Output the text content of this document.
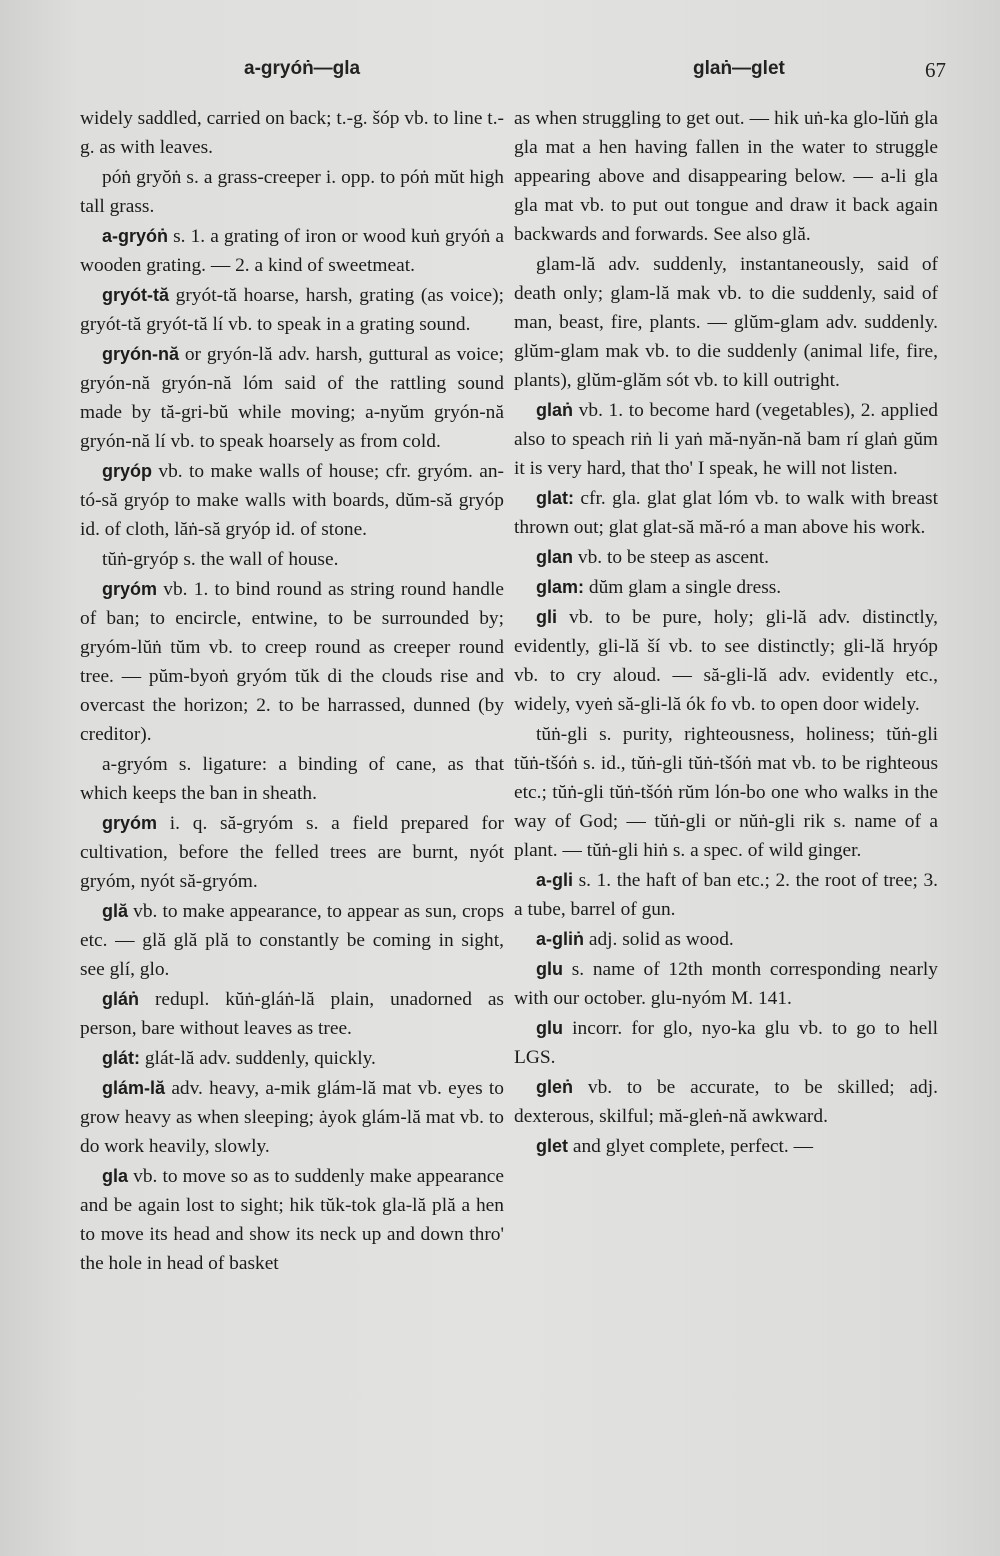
a-gryóṅ—gla	glaṅ—glet	67

widely saddled, carried on back; t.-g. šóp vb. to line t.-g. as with leaves.

póṅ gryŏṅ s. a grass-creeper i. opp. to póṅ mŭt high tall grass.

a-gryóṅ s. 1. a grating of iron or wood kuṅ gryóṅ a wooden grating. — 2. a kind of sweetmeat.

gryót-tă gryót-tă hoarse, harsh, grating (as voice); gryót-tă gryót-tă lí vb. to speak in a grating sound.

gryón-nă or gryón-lă adv. harsh, guttural as voice; gryón-nă gryón-nă lóm said of the rattling sound made by tă-gri-bŭ while moving; a-nyŭm gryón-nă gryón-nă lí vb. to speak hoarsely as from cold.

gryóp vb. to make walls of house; cfr. gryóm. an-tó-să gryóp to make walls with boards, dŭm-să gryóp id. of cloth, lăṅ-să gryóp id. of stone.

tŭṅ-gryóp s. the wall of house.

gryóm vb. 1. to bind round as string round handle of ban; to encircle, entwine, to be surrounded by; gryóm-lŭṅ tŭm vb. to creep round as creeper round tree. — pŭm-byoṅ gryóm tŭk di the clouds rise and overcast the horizon; 2. to be harrassed, dunned (by creditor).

a-gryóm s. ligature: a binding of cane, as that which keeps the ban in sheath.

gryóm i. q. să-gryóm s. a field prepared for cultivation, before the felled trees are burnt, nyót gryóm, nyót să-gryóm.

glă vb. to make appearance, to appear as sun, crops etc. — glă glă plă to constantly be coming in sight, see glí, glo.

gláṅ redupl. kŭṅ-gláṅ-lă plain, unadorned as person, bare without leaves as tree.

glát: glát-lă adv. suddenly, quickly.

glám-lă adv. heavy, a-mik glám-lă mat vb. eyes to grow heavy as when sleeping; ȧyok glám-lă mat vb. to do work heavily, slowly.

gla vb. to move so as to suddenly make appearance and be again lost to sight; hik tŭk-tok gla-lă plă a hen to move its head and show its neck up and down thro' the hole in head of basket

as when struggling to get out. — hik uṅ-ka glo-lŭṅ gla gla mat a hen having fallen in the water to struggle appearing above and disappearing below. — a-li gla gla mat vb. to put out tongue and draw it back again backwards and forwards. See also glă.

glam-lă adv. suddenly, instantaneously, said of death only; glam-lă mak vb. to die suddenly, said of man, beast, fire, plants. — glŭm-glam adv. suddenly. glŭm-glam mak vb. to die suddenly (animal life, fire, plants), glŭm-glăm sót vb. to kill outright.

glaṅ vb. 1. to become hard (vegetables), 2. applied also to speach riṅ li yaṅ mă-nyăn-nă bam rí glaṅ gŭm it is very hard, that tho' I speak, he will not listen.

glat: cfr. gla. glat glat lóm vb. to walk with breast thrown out; glat glat-să mă-ró a man above his work.

glan vb. to be steep as ascent.

glam: dŭm glam a single dress.

gli vb. to be pure, holy; gli-lă adv. distinctly, evidently, gli-lă ší vb. to see distinctly; gli-lă hryóp vb. to cry aloud. — să-gli-lă adv. evidently etc., widely, vyeṅ să-gli-lă ók fo vb. to open door widely.

tŭṅ-gli s. purity, righteousness, holiness; tŭṅ-gli tŭṅ-tšóṅ s. id., tŭṅ-gli tŭṅ-tšóṅ mat vb. to be righteous etc.; tŭṅ-gli tŭṅ-tšóṅ rŭm lón-bo one who walks in the way of God; — tŭṅ-gli or nŭṅ-gli rik s. name of a plant. — tŭṅ-gli hiṅ s. a spec. of wild ginger.

a-gli s. 1. the haft of ban etc.; 2. the root of tree; 3. a tube, barrel of gun.

a-gliṅ adj. solid as wood.

glu s. name of 12th month corresponding nearly with our october. glu-nyóm M. 141.

glu incorr. for glo, nyo-ka glu vb. to go to hell LGS.

gleṅ vb. to be accurate, to be skilled; adj. dexterous, skilful; mă-gleṅ-nă awkward.

glet and glyet complete, perfect. —
